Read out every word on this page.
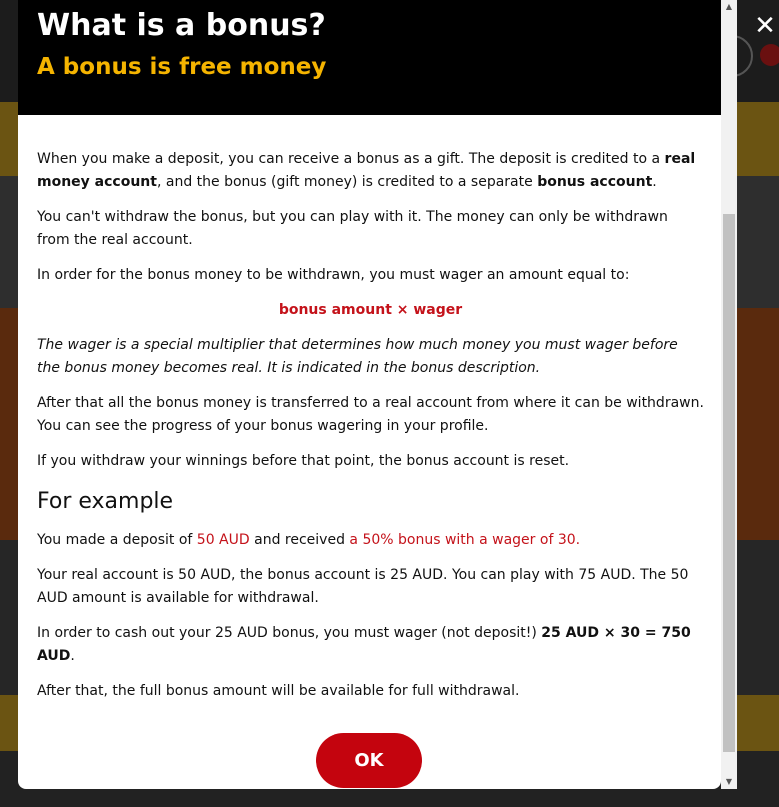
✕
What is a bonus?
A bonus is free money

When you make a deposit, you can receive a bonus as a gift. The deposit is credited to a real money account, and the bonus (gift money) is credited to a separate bonus account.

You can't withdraw the bonus, but you can play with it. The money can only be withdrawn from the real account.

In order for the bonus money to be withdrawn, you must wager an amount equal to:

bonus amount × wager

The wager is a special multiplier that determines how much money you must wager before the bonus money becomes real. It is indicated in the bonus description.

After that all the bonus money is transferred to a real account from where it can be withdrawn. You can see the progress of your bonus wagering in your profile.

If you withdraw your winnings before that point, the bonus account is reset.

For example

You made a deposit of 50 AUD and received a 50% bonus with a wager of 30.

Your real account is 50 AUD, the bonus account is 25 AUD. You can play with 75 AUD. The 50 AUD amount is available for withdrawal.

In order to cash out your 25 AUD bonus, you must wager (not deposit!) 25 AUD × 30 = 750 AUD.

After that, the full bonus amount will be available for full withdrawal.

OK
▲
▼
